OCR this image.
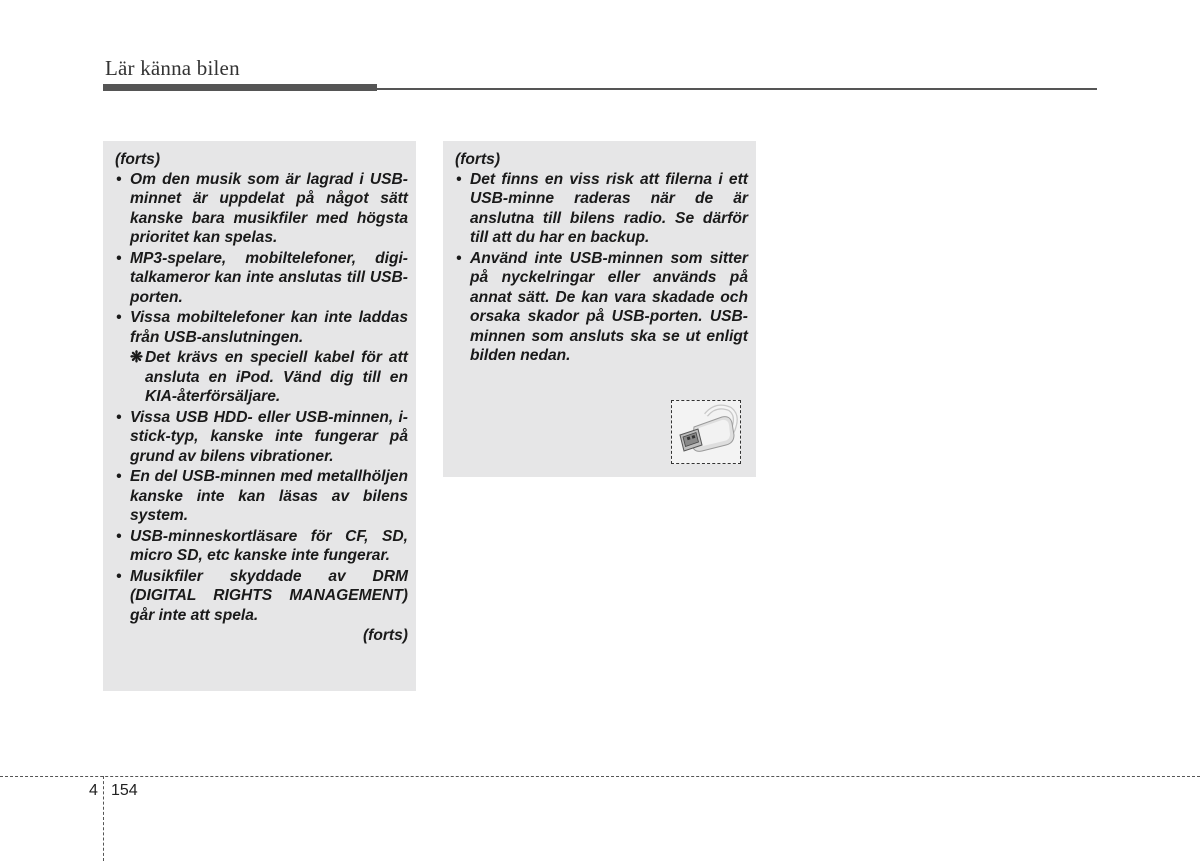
Lär känna bilen
(forts)
• Om den musik som är lagrad i USB-minnet är uppdelat på något sätt kanske bara musikfiler med högsta prioritet kan spelas.
• MP3-spelare, mobiltelefoner, digi-talkameror kan inte anslutas till USB-porten.
• Vissa mobiltelefoner kan inte laddas från USB-anslutningen.
❋ Det krävs en speciell kabel för att ansluta en iPod. Vänd dig till en KIA-återförsäljare.
• Vissa USB HDD- eller USB-minnen, i-stick-typ, kanske inte fungerar på grund av bilens vibrationer.
• En del USB-minnen med metallhöljen kanske inte kan läsas av bilens system.
• USB-minneskortläsare för CF, SD, micro SD, etc kanske inte fungerar.
• Musikfiler skyddade av DRM (DIGITAL RIGHTS MANAGEMENT) går inte att spela.
(forts)
(forts)
• Det finns en viss risk att filerna i ett USB-minne raderas när de är anslutna till bilens radio. Se därför till att du har en backup.
• Använd inte USB-minnen som sitter på nyckelringar eller används på annat sätt. De kan vara skadade och orsaka skador på USB-porten. USB-minnen som ansluts ska se ut enligt bilden nedan.
4 154
